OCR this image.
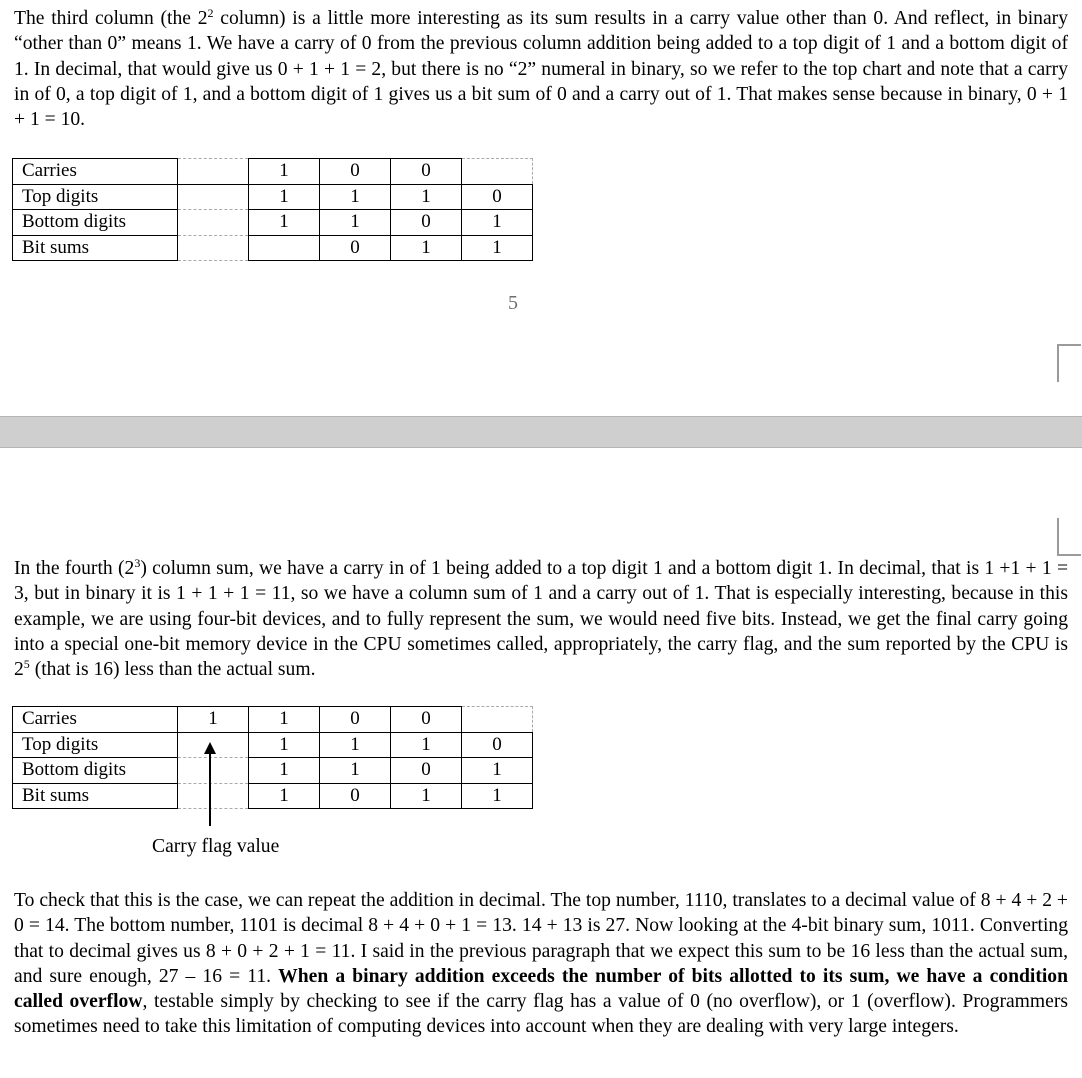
The third column (the $2^2$ column) is a little more interesting as its sum results in a carry value other than 0. And reflect, in binary “other than 0” means 1. We have a carry of 0 from the previous column addition being added to a top digit of 1 and a bottom digit of 1. In decimal, that would give us 0 + 1 + 1 = 2, but there is no “2” numeral in binary, so we refer to the top chart and note that a carry in of 0, a top digit of 1, and a bottom digit of 1 gives us a bit sum of 0 and a carry out of 1. That makes sense because in binary, 0 + 1 + 1 = 10.

Carries		1	0	0	
Top digits		1	1	1	0
Bottom digits		1	1	0	1
Bit sums			0	1	1
5

In the fourth $(2^3)$ column sum, we have a carry in of 1 being added to a top digit 1 and a bottom digit 1. In decimal, that is 1 +1 + 1 = 3, but in binary it is 1 + 1 + 1 = 11, so we have a column sum of 1 and a carry out of 1. That is especially interesting, because in this example, we are using four-bit devices, and to fully represent the sum, we would need five bits. Instead, we get the final carry going into a special one-bit memory device in the CPU sometimes called, appropriately, the carry flag, and the sum reported by the CPU is $2^5$ (that is 16) less than the actual sum.

Carries	1	1	0	0	
Top digits		1	1	1	0
Bottom digits		1	1	0	1
Bit sums		1	0	1	1
Carry flag value

To check that this is the case, we can repeat the addition in decimal. The top number, 1110, translates to a decimal value of 8 + 4 + 2 + 0 = 14. The bottom number, 1101 is decimal 8 + 4 + 0 + 1 = 13. 14 + 13 is 27. Now looking at the 4-bit binary sum, 1011. Converting that to decimal gives us 8 + 0 + 2 + 1 = 11. I said in the previous paragraph that we expect this sum to be 16 less than the actual sum, and sure enough, 27 – 16 = 11. When a binary addition exceeds the number of bits allotted to its sum, we have a condition called overflow, testable simply by checking to see if the carry flag has a value of 0 (no overflow), or 1 (overflow). Programmers sometimes need to take this limitation of computing devices into account when they are dealing with very large integers.
